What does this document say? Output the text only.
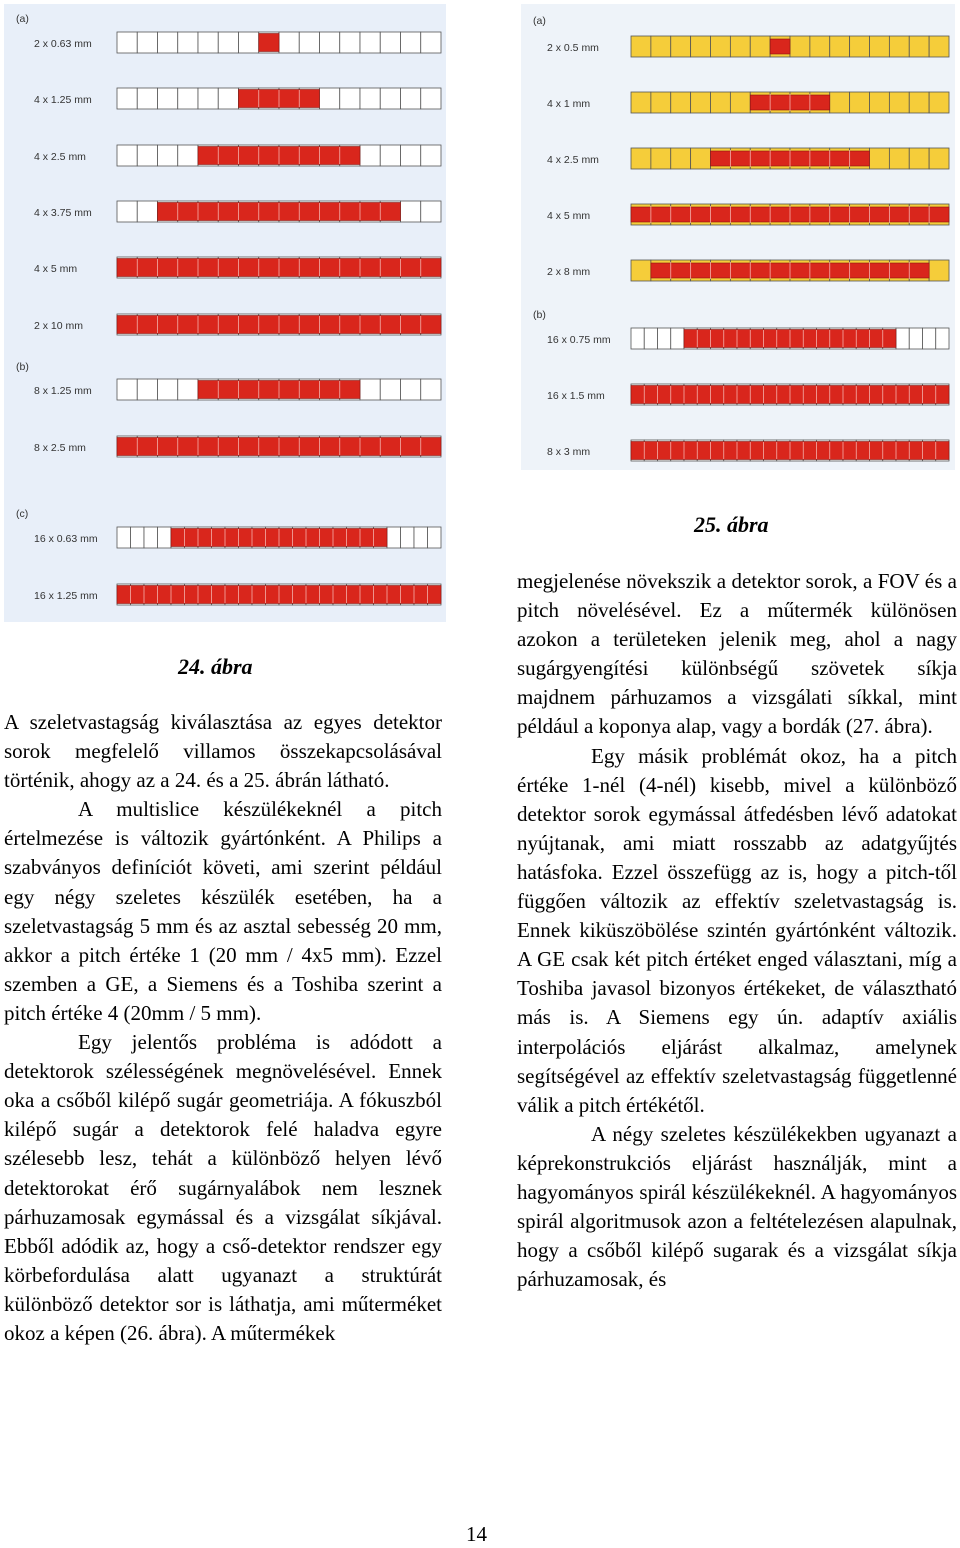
(a)
2 x 0.63 mm
4 x 1.25 mm
4 x 2.5 mm
4 x 3.75 mm
4 x 5 mm
2 x 10 mm
(b)
8 x 1.25 mm
8 x 2.5 mm
(c)
16 x 0.63 mm
16 x 1.25 mm
(a)
2 x 0.5 mm
4 x 1 mm
4 x 2.5 mm
4 x 5 mm
2 x 8 mm
(b)
16 x 0.75 mm
16 x 1.5 mm
8 x 3 mm
24. ábra
25. ábra

A szeletvastagság kiválasztása az egyes detektor sorok megfelelő villamos összekapcsolásával történik, ahogy az a 24. és a 25. ábrán látható.

A multislice készülékeknél a pitch értelmezése is változik gyártónként. A Philips a szabványos definíciót követi, ami szerint például egy négy szeletes készülék esetében, ha a szeletvastagság 5 mm és az asztal sebesség 20 mm, akkor a pitch értéke 1 (20 mm / 4x5 mm). Ezzel szemben a GE, a Siemens és a Toshiba szerint a pitch értéke 4 (20mm / 5 mm).

Egy jelentős probléma is adódott a detektorok szélességének megnövelésével. Ennek oka a csőből kilépő sugár geometriája. A fókuszból kilépő sugár a detektorok felé haladva egyre szélesebb lesz, tehát a különböző helyen lévő detektorokat érő sugárnyalábok nem lesznek párhuzamosak egymással és a vizsgálat síkjával. Ebből adódik az, hogy a cső-detektor rendszer egy körbefordulása alatt ugyanazt a struktúrát különböző detektor sor is láthatja, ami műterméket okoz a képen (26. ábra). A műtermékek

megjelenése növekszik a detektor sorok, a FOV és a pitch növelésével. Ez a műtermék különösen azokon a területeken jelenik meg, ahol a nagy sugárgyengítési különbségű szövetek síkja majdnem párhuzamos a vizsgálati síkkal, mint például a koponya alap, vagy a bordák (27. ábra).

Egy másik problémát okoz, ha a pitch értéke 1-nél (4-nél) kisebb, mivel a különböző detektor sorok egymással átfedésben lévő adatokat nyújtanak, ami miatt rosszabb az adatgyűjtés hatásfoka. Ezzel összefügg az is, hogy a pitch-től függően változik az effektív szeletvastagság is. Ennek kiküszöbölése szintén gyártónként változik. A GE csak két pitch értéket enged választani, míg a Toshiba javasol bizonyos értékeket, de választható más is. A Siemens egy ún. adaptív axiális interpolációs eljárást alkalmaz, amelynek segítségével az effektív szeletvastagság függetlenné válik a pitch értékétől.

A négy szeletes készülékekben ugyanazt a képrekonstrukciós eljárást használják, mint a hagyományos spirál készülékeknél. A hagyományos spirál algoritmusok azon a feltételezésen alapulnak, hogy a csőből kilépő sugarak és a vizsgálat síkja párhuzamosak, és

14
